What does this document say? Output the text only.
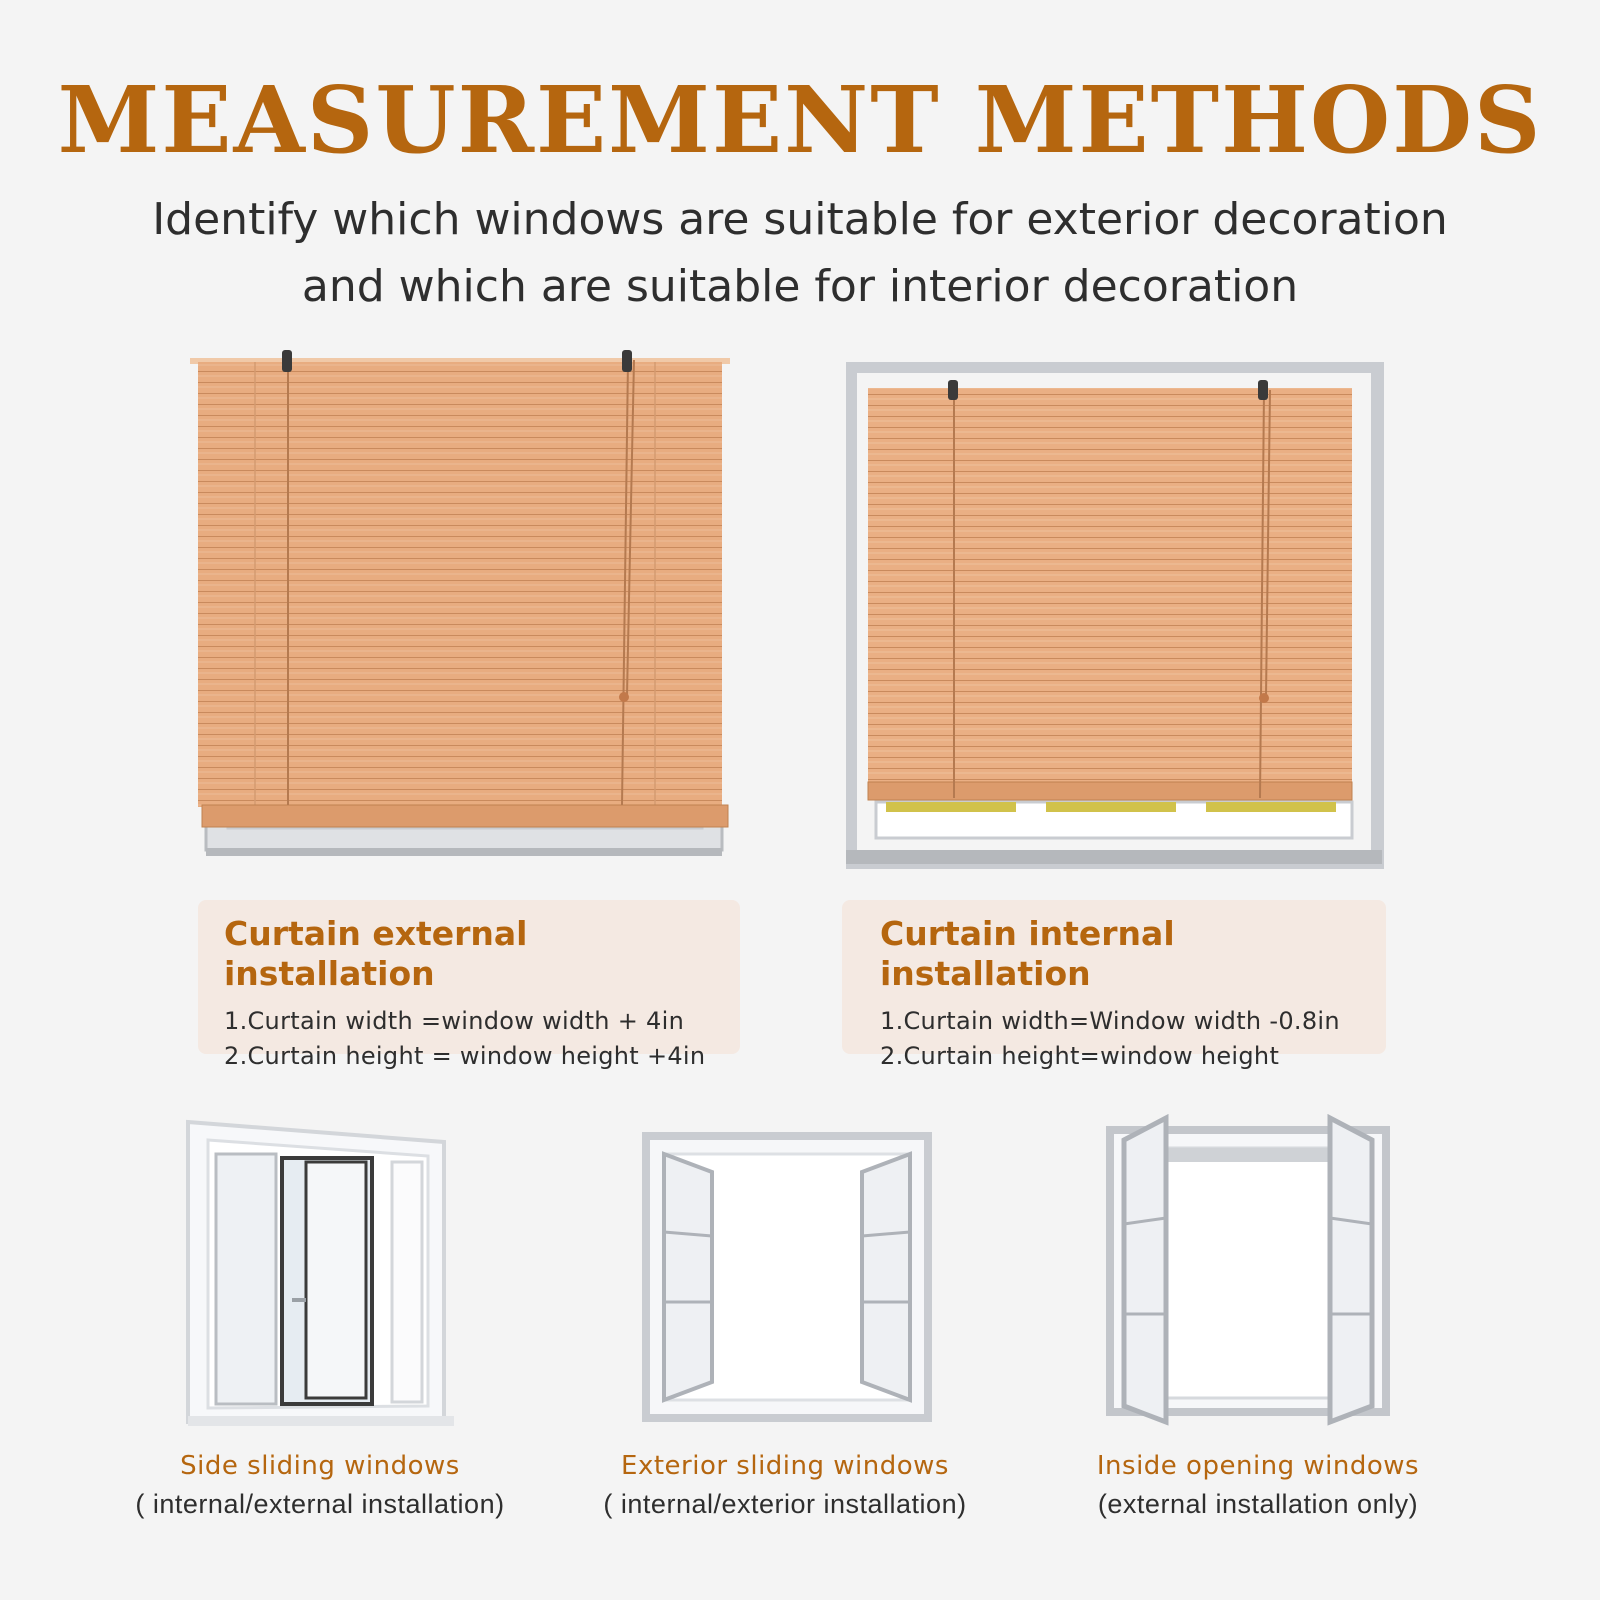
MEASUREMENT METHODS
Identify which windows are suitable for exterior decoration
and which are suitable for interior decoration
Curtain external installation
1.Curtain width =window width + 4in
2.Curtain height = window height +4in
Curtain internal installation
1.Curtain width=Window width -0.8in
2.Curtain height=window height
Side sliding windows
( internal/external installation)
Exterior sliding windows
( internal/exterior installation)
Inside opening windows
(external installation only)
